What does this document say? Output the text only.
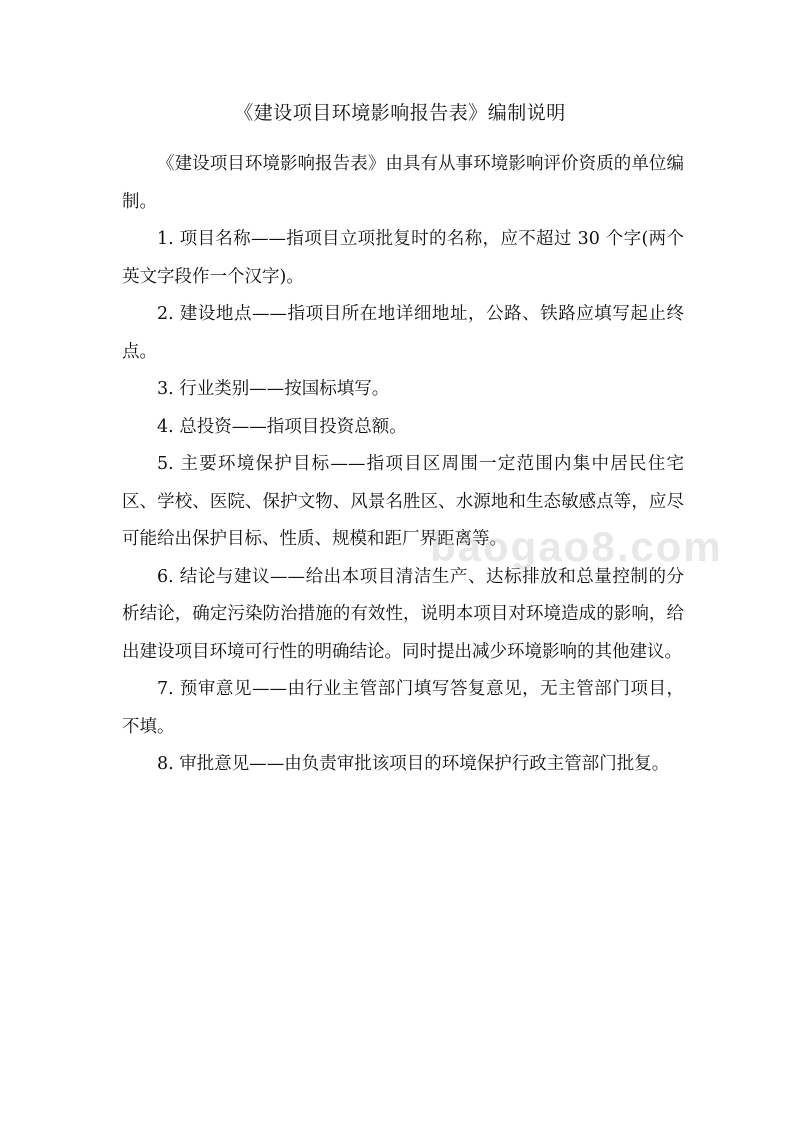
《建设项目环境影响报告表》编制说明

《建设项目环境影响报告表》由具有从事环境影响评价资质的单位编制。

1. 项目名称——指项目立项批复时的名称，应不超过 30 个字(两个英文字段作一个汉字)。

2. 建设地点——指项目所在地详细地址，公路、铁路应填写起止终点。

3. 行业类别——按国标填写。

4. 总投资——指项目投资总额。

5. 主要环境保护目标——指项目区周围一定范围内集中居民住宅区、学校、医院、保护文物、风景名胜区、水源地和生态敏感点等，应尽可能给出保护目标、性质、规模和距厂界距离等。

6. 结论与建议——给出本项目清洁生产、达标排放和总量控制的分析结论，确定污染防治措施的有效性，说明本项目对环境造成的影响，给出建设项目环境可行性的明确结论。同时提出减少环境影响的其他建议。

7. 预审意见——由行业主管部门填写答复意见，无主管部门项目，不填。

8. 审批意见——由负责审批该项目的环境保护行政主管部门批复。

baogao8.com
